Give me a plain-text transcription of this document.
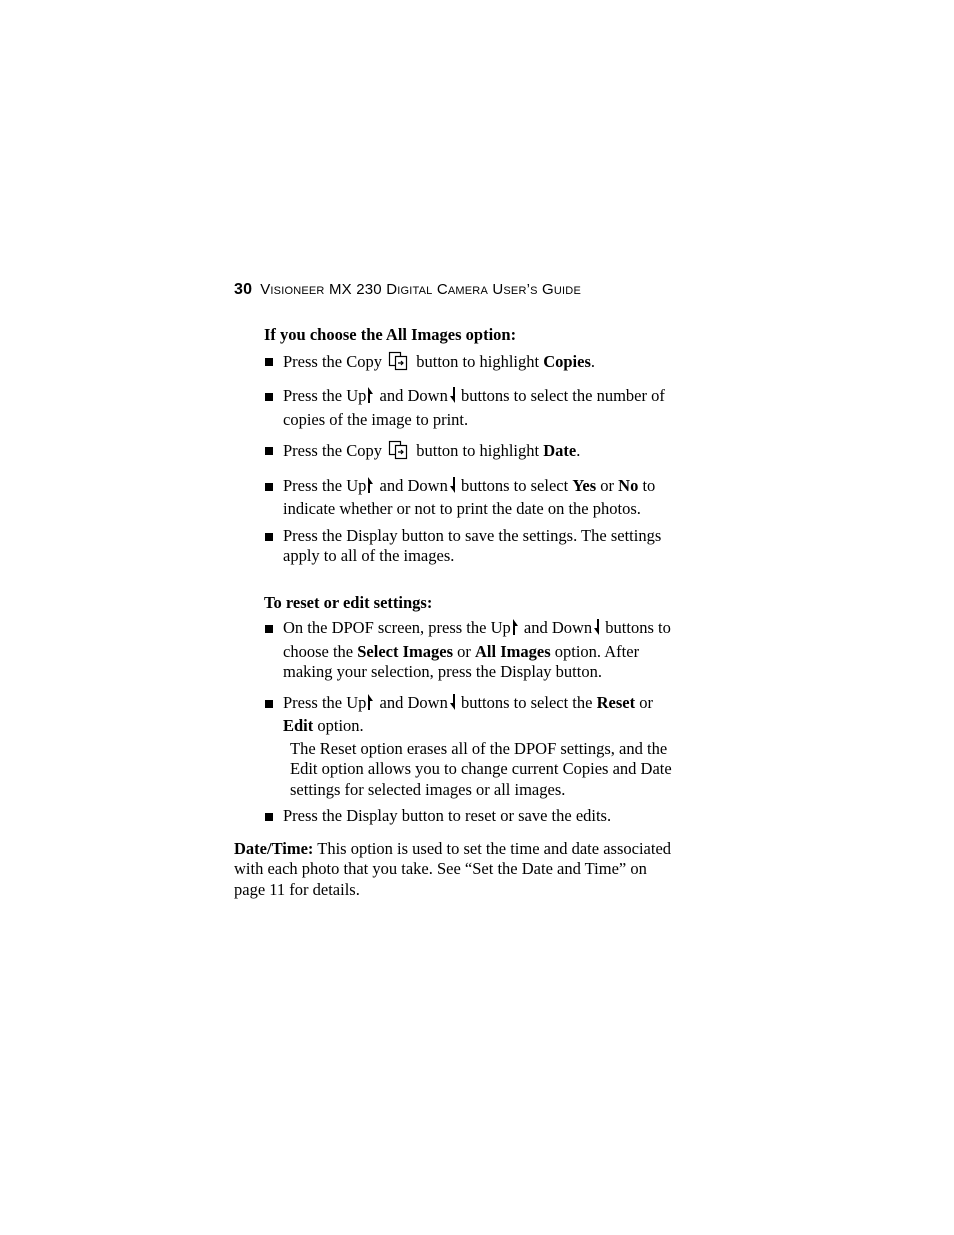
30 Visioneer MX 230 Digital Camera User’s Guide
If you choose the All Images option:
Press the Copy  button to highlight Copies.
Press the Up and Down buttons to select the number of copies of the image to print.
Press the Copy  button to highlight Date.
Press the Up and Down buttons to select Yes or No to indicate whether or not to print the date on the photos.
Press the Display button to save the settings. The settings apply to all of the images.
To reset or edit settings:
On the DPOF screen, press the Up and Down buttons to choose the Select Images or All Images option. After making your selection, press the Display button.
Press the Up and Down buttons to select the Reset or Edit option.
The Reset option erases all of the DPOF settings, and the Edit option allows you to change current Copies and Date settings for selected images or all images.
Press the Display button to reset or save the edits.
Date/Time: This option is used to set the time and date associated with each photo that you take. See “Set the Date and Time” on page 11 for details.
